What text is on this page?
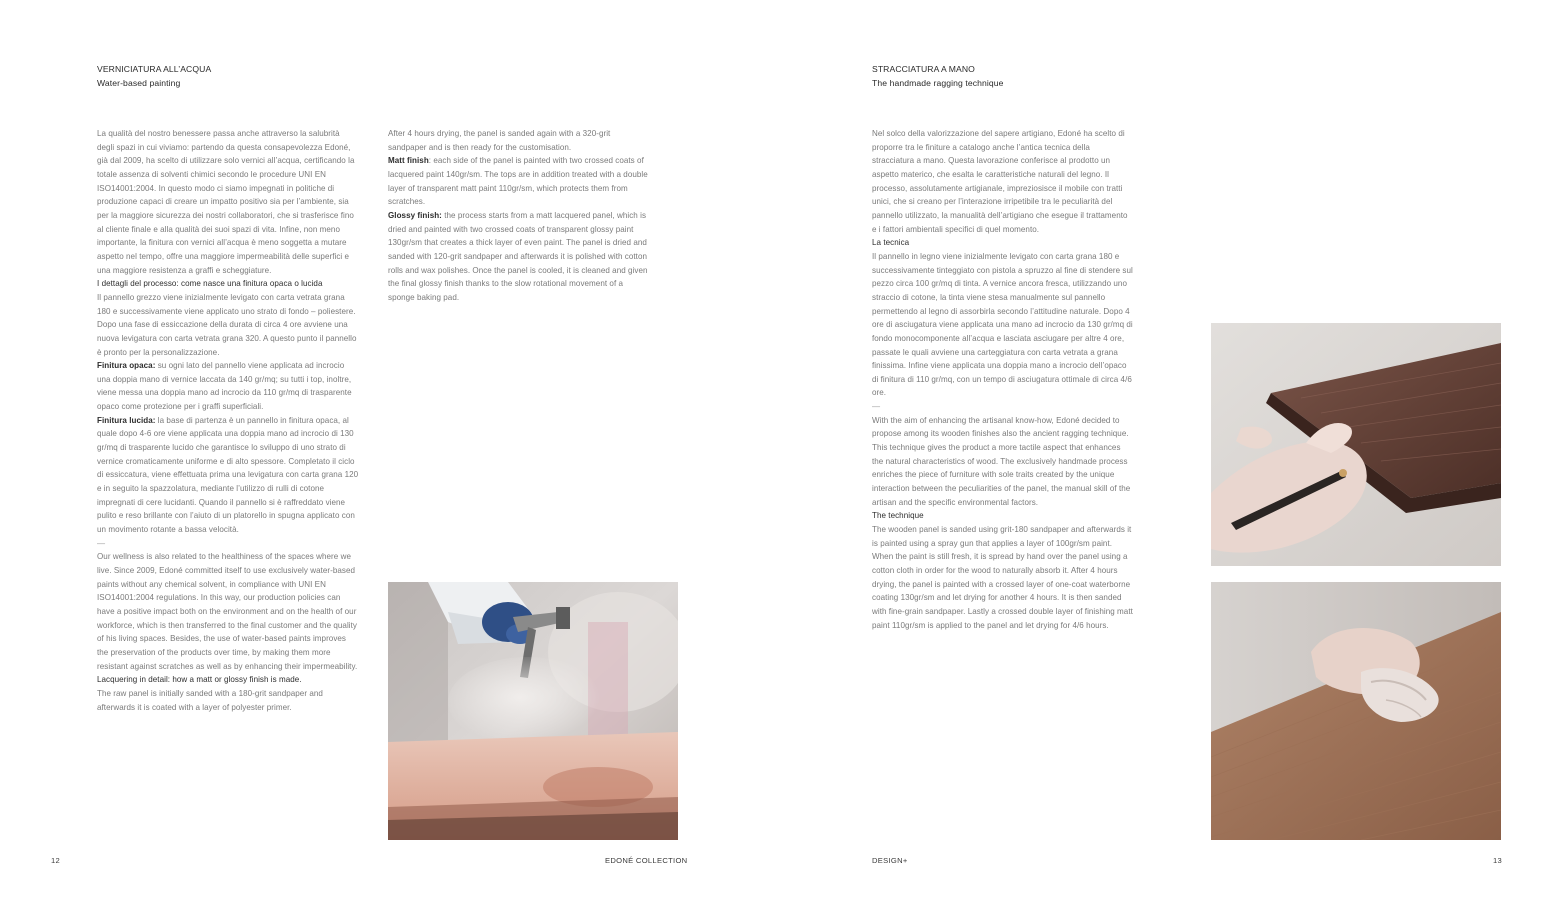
VERNICIATURA ALL’ACQUA
Water-based painting
La qualità del nostro benessere passa anche attraverso la salubrità degli spazi in cui viviamo: partendo da questa consapevolezza Edoné, già dal 2009, ha scelto di utilizzare solo vernici all’acqua, certificando la totale assenza di solventi chimici secondo le procedure UNI EN ISO14001:2004. In questo modo ci siamo impegnati in politiche di produzione capaci di creare un impatto positivo sia per l’ambiente, sia per la maggiore sicurezza dei nostri collaboratori, che si trasferisce fino al cliente finale e alla qualità dei suoi spazi di vita. Infine, non meno importante, la finitura con vernici all’acqua è meno soggetta a mutare aspetto nel tempo, offre una maggiore impermeabilità delle superfici e una maggiore resistenza a graffi e scheggiature.
I dettagli del processo: come nasce una finitura opaca o lucida
Il pannello grezzo viene inizialmente levigato con carta vetrata grana 180 e successivamente viene applicato uno strato di fondo – poliestere. Dopo una fase di essiccazione della durata di circa 4 ore avviene una nuova levigatura con carta vetrata grana 320. A questo punto il pannello è pronto per la personalizzazione.
Finitura opaca: su ogni lato del pannello viene applicata ad incrocio una doppia mano di vernice laccata da 140 gr/mq; su tutti i top, inoltre, viene messa una doppia mano ad incrocio da 110 gr/mq di trasparente opaco come protezione per i graffi superficiali.
Finitura lucida: la base di partenza è un pannello in finitura opaca, al quale dopo 4-6 ore viene applicata una doppia mano ad incrocio di 130 gr/mq di trasparente lucido che garantisce lo sviluppo di uno strato di vernice cromaticamente uniforme e di alto spessore. Completato il ciclo di essiccatura, viene effettuata prima una levigatura con carta grana 120 e in seguito la spazzolatura, mediante l’utilizzo di rulli di cotone impregnati di cere lucidanti. Quando il pannello si è raffreddato viene pulito e reso brillante con l’aiuto di un platorello in spugna applicato con un movimento rotante a bassa velocità.
—
Our wellness is also related to the healthiness of the spaces where we live. Since 2009, Edoné committed itself to use exclusively water-based paints without any chemical solvent, in compliance with UNI EN ISO14001:2004 regulations. In this way, our production policies can have a positive impact both on the environment and on the health of our workforce, which is then transferred to the final customer and the quality of his living spaces. Besides, the use of water-based paints improves the preservation of the products over time, by making them more resistant against scratches as well as by enhancing their impermeability.
Lacquering in detail: how a matt or glossy finish is made.
The raw panel is initially sanded with a 180-grit sandpaper and afterwards it is coated with a layer of polyester primer.
After 4 hours drying, the panel is sanded again with a 320-grit sandpaper and is then ready for the customisation.
Matt finish: each side of the panel is painted with two crossed coats of lacquered paint 140gr/sm. The tops are in addition treated with a double layer of transparent matt paint 110gr/sm, which protects them from scratches.
Glossy finish: the process starts from a matt lacquered panel, which is dried and painted with two crossed coats of transparent glossy paint 130gr/sm that creates a thick layer of even paint. The panel is dried and sanded with 120-grit sandpaper and afterwards it is polished with cotton rolls and wax polishes. Once the panel is cooled, it is cleaned and given the final glossy finish thanks to the slow rotational movement of a sponge baking pad.
12	EDONÉ COLLECTION
STRACCIATURA A MANO
The handmade ragging technique
Nel solco della valorizzazione del sapere artigiano, Edoné ha scelto di proporre tra le finiture a catalogo anche l’antica tecnica della stracciatura a mano. Questa lavorazione conferisce al prodotto un aspetto materico, che esalta le caratteristiche naturali del legno. Il processo, assolutamente artigianale, impreziosisce il mobile con tratti unici, che si creano per l’interazione irripetibile tra le peculiarità del pannello utilizzato, la manualità dell’artigiano che esegue il trattamento e i fattori ambientali specifici di quel momento.
La tecnica
Il pannello in legno viene inizialmente levigato con carta grana 180 e successivamente tinteggiato con pistola a spruzzo al fine di stendere sul pezzo circa 100 gr/mq di tinta. A vernice ancora fresca, utilizzando uno straccio di cotone, la tinta viene stesa manualmente sul pannello permettendo al legno di assorbirla secondo l’attitudine naturale. Dopo 4 ore di asciugatura viene applicata una mano ad incrocio da 130 gr/mq di fondo monocomponente all’acqua e lasciata asciugare per altre 4 ore, passate le quali avviene una carteggiatura con carta vetrata a grana finissima. Infine viene applicata una doppia mano a incrocio dell’opaco di finitura di 110 gr/mq, con un tempo di asciugatura ottimale di circa 4/6 ore.
—
With the aim of enhancing the artisanal know-how, Edoné decided to propose among its wooden finishes also the ancient ragging technique. This technique gives the product a more tactile aspect that enhances the natural characteristics of wood. The exclusively handmade process enriches the piece of furniture with sole traits created by the unique interaction between the peculiarities of the panel, the manual skill of the artisan and the specific environmental factors.
The technique
The wooden panel is sanded using grit-180 sandpaper and afterwards it is painted using a spray gun that applies a layer of 100gr/sm paint. When the paint is still fresh, it is spread by hand over the panel using a cotton cloth in order for the wood to naturally absorb it. After 4 hours drying, the panel is painted with a crossed layer of one-coat waterborne coating 130gr/sm and let drying for another 4 hours. It is then sanded with fine-grain sandpaper. Lastly a crossed double layer of finishing matt paint 110gr/sm is applied to the panel and let drying for 4/6 hours.
DESIGN+	13
